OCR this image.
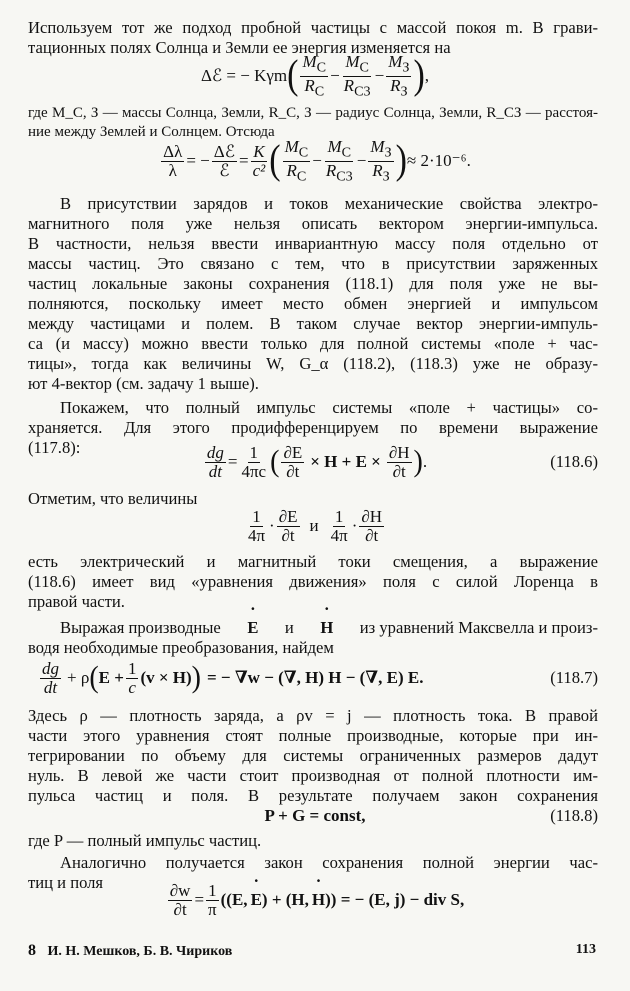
Используем тот же подход пробной частицы с массой покоя m. В грави-
тационных полях Солнца и Земли ее энергия изменяется на
Δℰ = − Kγm ( $\frac{M_C}{R_C} - \frac{M_C}{R_{C3}} - \frac{M_З}{R_З}$ ) ,
где M_С, З — массы Солнца, Земли, R_С, З — радиус Солнца, Земли, R_СЗ — расстоя-
ние между Землей и Солнцем. Отсюда
$\frac{\Delta\lambda}{\lambda}$ = − $\frac{\text{Δℰ}}{\text{ℰ}} = \frac{K}{\text{c²}}$ ( $\frac{M_C}{R_C} - \frac{M_C}{R_{C3}} - \frac{M_З}{R_З}$ ) ≈ 2·10⁻⁶.
В присутствии зарядов и токов механические свойства электро-
магнитного поля уже нельзя описать вектором энергии-импульса.
В частности, нельзя ввести инвариантную массу поля отдельно от
массы частиц. Это связано с тем, что в присутствии заряженных
частиц локальные законы сохранения (118.1) для поля уже не вы-
полняются, поскольку имеет место обмен энергией и импульсом
между частицами и полем. В таком случае вектор энергии-импуль-
са (и массу) можно ввести только для полной системы «поле + час-
тицы», тогда как величины W, G_α (118.2), (118.3) уже не образу-
ют 4-вектор (см. задачу 1 выше).
Покажем, что полный импульс системы «поле + частицы» со-
храняется. Для этого продифференцируем по времени выражение
(117.8):	$\frac{dg}{dt} = \frac{1}{4\pi c}$ ( $\frac{\partial E}{\partial t} \times H + E \times \frac{\partial H}{\partial t}$ ) .	(118.6)
Отметим, что величины
$\frac{1}{4\pi} \cdot \frac{\partial E}{\partial t}$ и $\frac{1}{4\pi} \cdot \frac{\partial H}{\partial t}$
есть электрический и магнитный токи смещения, а выражение
(118.6) имеет вид «уравнения движения» поля с силой Лоренца в
правой части.
Выражая производные ˙ E и ˙ H из уравнений Максвелла и произ-
водя необходимые преобразования, найдем
$\frac{dg}{dt} + \rho$ ( $E + \frac{1}{c} (v \times H)$ ) = − ∇w − (∇, H) H − (∇, E) E.	(118.7)
Здесь ρ — плотность заряда, а ρv = j — плотность тока. В правой
части этого уравнения стоят полные производные, которые при ин-
тегрировании по объему для системы ограниченных размеров дадут
нуль. В левой же части стоит производная от полной плотности им-
пульса частиц и поля. В результате получаем закон сохранения
P + G = const,	(118.8)
где P — полный импульс частиц.
Аналогично получается закон сохранения полной энергии час-
тиц и поля	$\frac{\partial w}{\partial t} = \frac{1}{\pi} ((E$, ˙ E ) + (H, ˙ H )) = − (E, j) − div S,
8 И. Н. Мешков, Б. В. Чириков	113
